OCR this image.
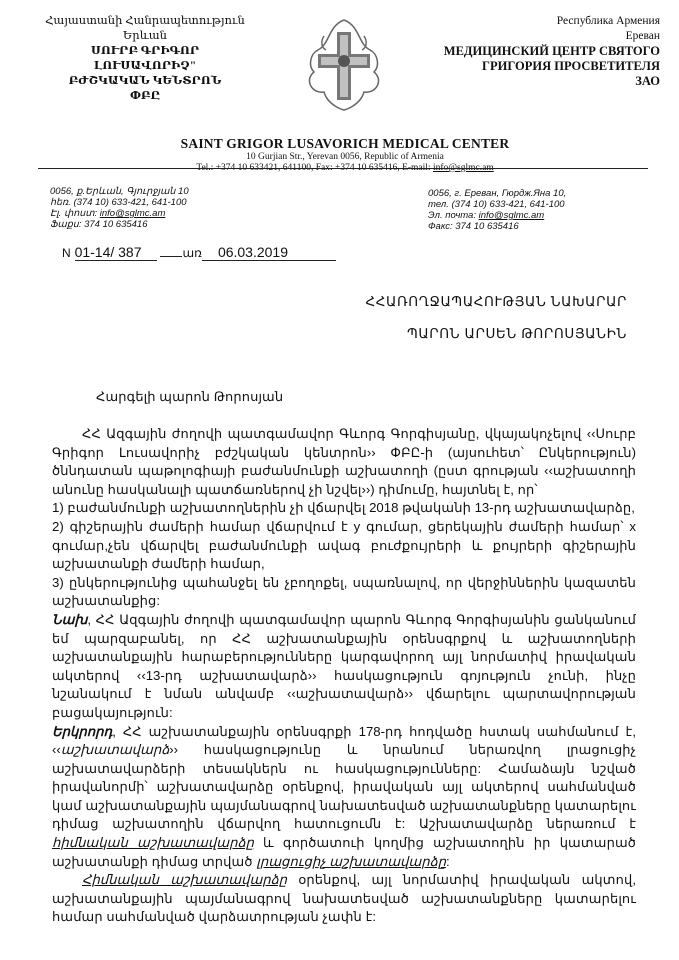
Հայաստանի Հանրապետություն
Երևան
ՍՈՒՐԲ ԳՐԻԳՈՐ ԼՈՒՍԱՎՈՐԻՉ"
ԲԺՇԿԱԿԱՆ ԿԵՆՏՐՈՆ
ՓԲԸ
Республика Армения
Ереван
МЕДИЦИНСКИЙ ЦЕНТР СВЯТОГО
ГРИГОРИЯ ПРОСВЕТИТЕЛЯ
ЗАО
SAINT GRIGOR LUSAVORICH MEDICAL CENTER
10 Gurjian Str., Yerevan 0056, Republic of Armenia
Tel.: +374 10 633421, 641100, Fax: +374 10 635416, E-mail: info@sglmc.am
0056, ք.Երևան, Գյուրջյան 10
հեռ. (374 10) 633-421, 641-100
Էլ. փոստ: info@sglmc.am
Ֆաքս: 374 10 635416
0056, г. Ереван, Гюрдж.Яна 10,
тел. (374 10) 633-421, 641-100
Эл. почта: info@sglmc.am
Факс: 374 10 635416
N 01-14/ 387	առ 06.03.2019
ՀՀԱՌՈՂՋԱՊԱՀՈՒԹՅԱՆ ՆԱԽԱՐԱՐ
ՊԱՐՈՆ ԱՐՍԵՆ ԹՈՐՈՍՅԱՆԻՆ
Հարգելի պարոն Թորոսյան

ՀՀ Ազգային ժողովի պատգամավոր Գևորգ Գորգիսյանը, վկայակոչելով ‹‹Սուրբ Գրիգոր Լուսավորիչ բժշկական կենտրոն›› ՓԲԸ-ի (այսուհետ՝ Ընկերություն) ծննդատան պաթոլոգիայի բաժանմունքի աշխատողի (ըստ գրության ‹‹աշխատողի անունը հասկանալի պատճառներով չի նշվել››) դիմումը, հայտնել է, որ՝

1) բաժանմունքի աշխատողներին չի վճարվել 2018 թվականի 13-րդ աշխատավարձը,

2) գիշերային ժամերի համար վճարվում է y գումար, ցերեկային ժամերի համար՝ x գումար,չեն վճարվել բաժանմունքի ավագ բուժքույրերի և քույրերի գիշերային աշխատանքի ժամերի համար,

3) ընկերությունից պահանջել են չբողոքել, սպառնալով, որ վերջիններին կազատեն աշխատանքից:

Նախ, ՀՀ Ազգային ժողովի պատգամավոր պարոն Գևորգ Գորգիսյանին ցանկանում եմ պարզաբանել, որ ՀՀ աշխատանքային օրենսգրքով և աշխատողների աշխատանքային հարաբերությունները կարգավորող այլ նորմատիվ իրավական ակտերով ‹‹13-րդ աշխատավարձ›› հասկացություն գոյություն չունի, ինչը նշանակում է նման անվամբ ‹‹աշխատավարձ›› վճարելու պարտավորության բացակայություն:

Երկրորդ, ՀՀ աշխատանքային օրենսգրքի 178-րդ հոդվածը հստակ սահմանում է, ‹‹աշխատավարձ›› հասկացությունը և նրանում ներառվող լրացուցիչ աշխատավարձերի տեսակներն ու հասկացությունները: Համաձայն նշված իրավանորմի՝ աշխատավարձը օրենքով, իրավական այլ ակտերով սահմանված կամ աշխատանքային պայմանագրով նախատեսված աշխատանքները կատարելու դիմաց աշխատողին վճարվող հատուցումն է: Աշխատավարձը ներառում է հիմնական աշխատավարձը և գործատուի կողմից աշխատողին իր կատարած աշխատանքի դիմաց տրված լրացուցիչ աշխատավարձը:

Հիմնական աշխատավարձը օրենքով, այլ նորմատիվ իրավական ակտով, աշխատանքային պայմանագրով նախատեսված աշխատանքները կատարելու համար սահմանված վարձատրության չափն է:
